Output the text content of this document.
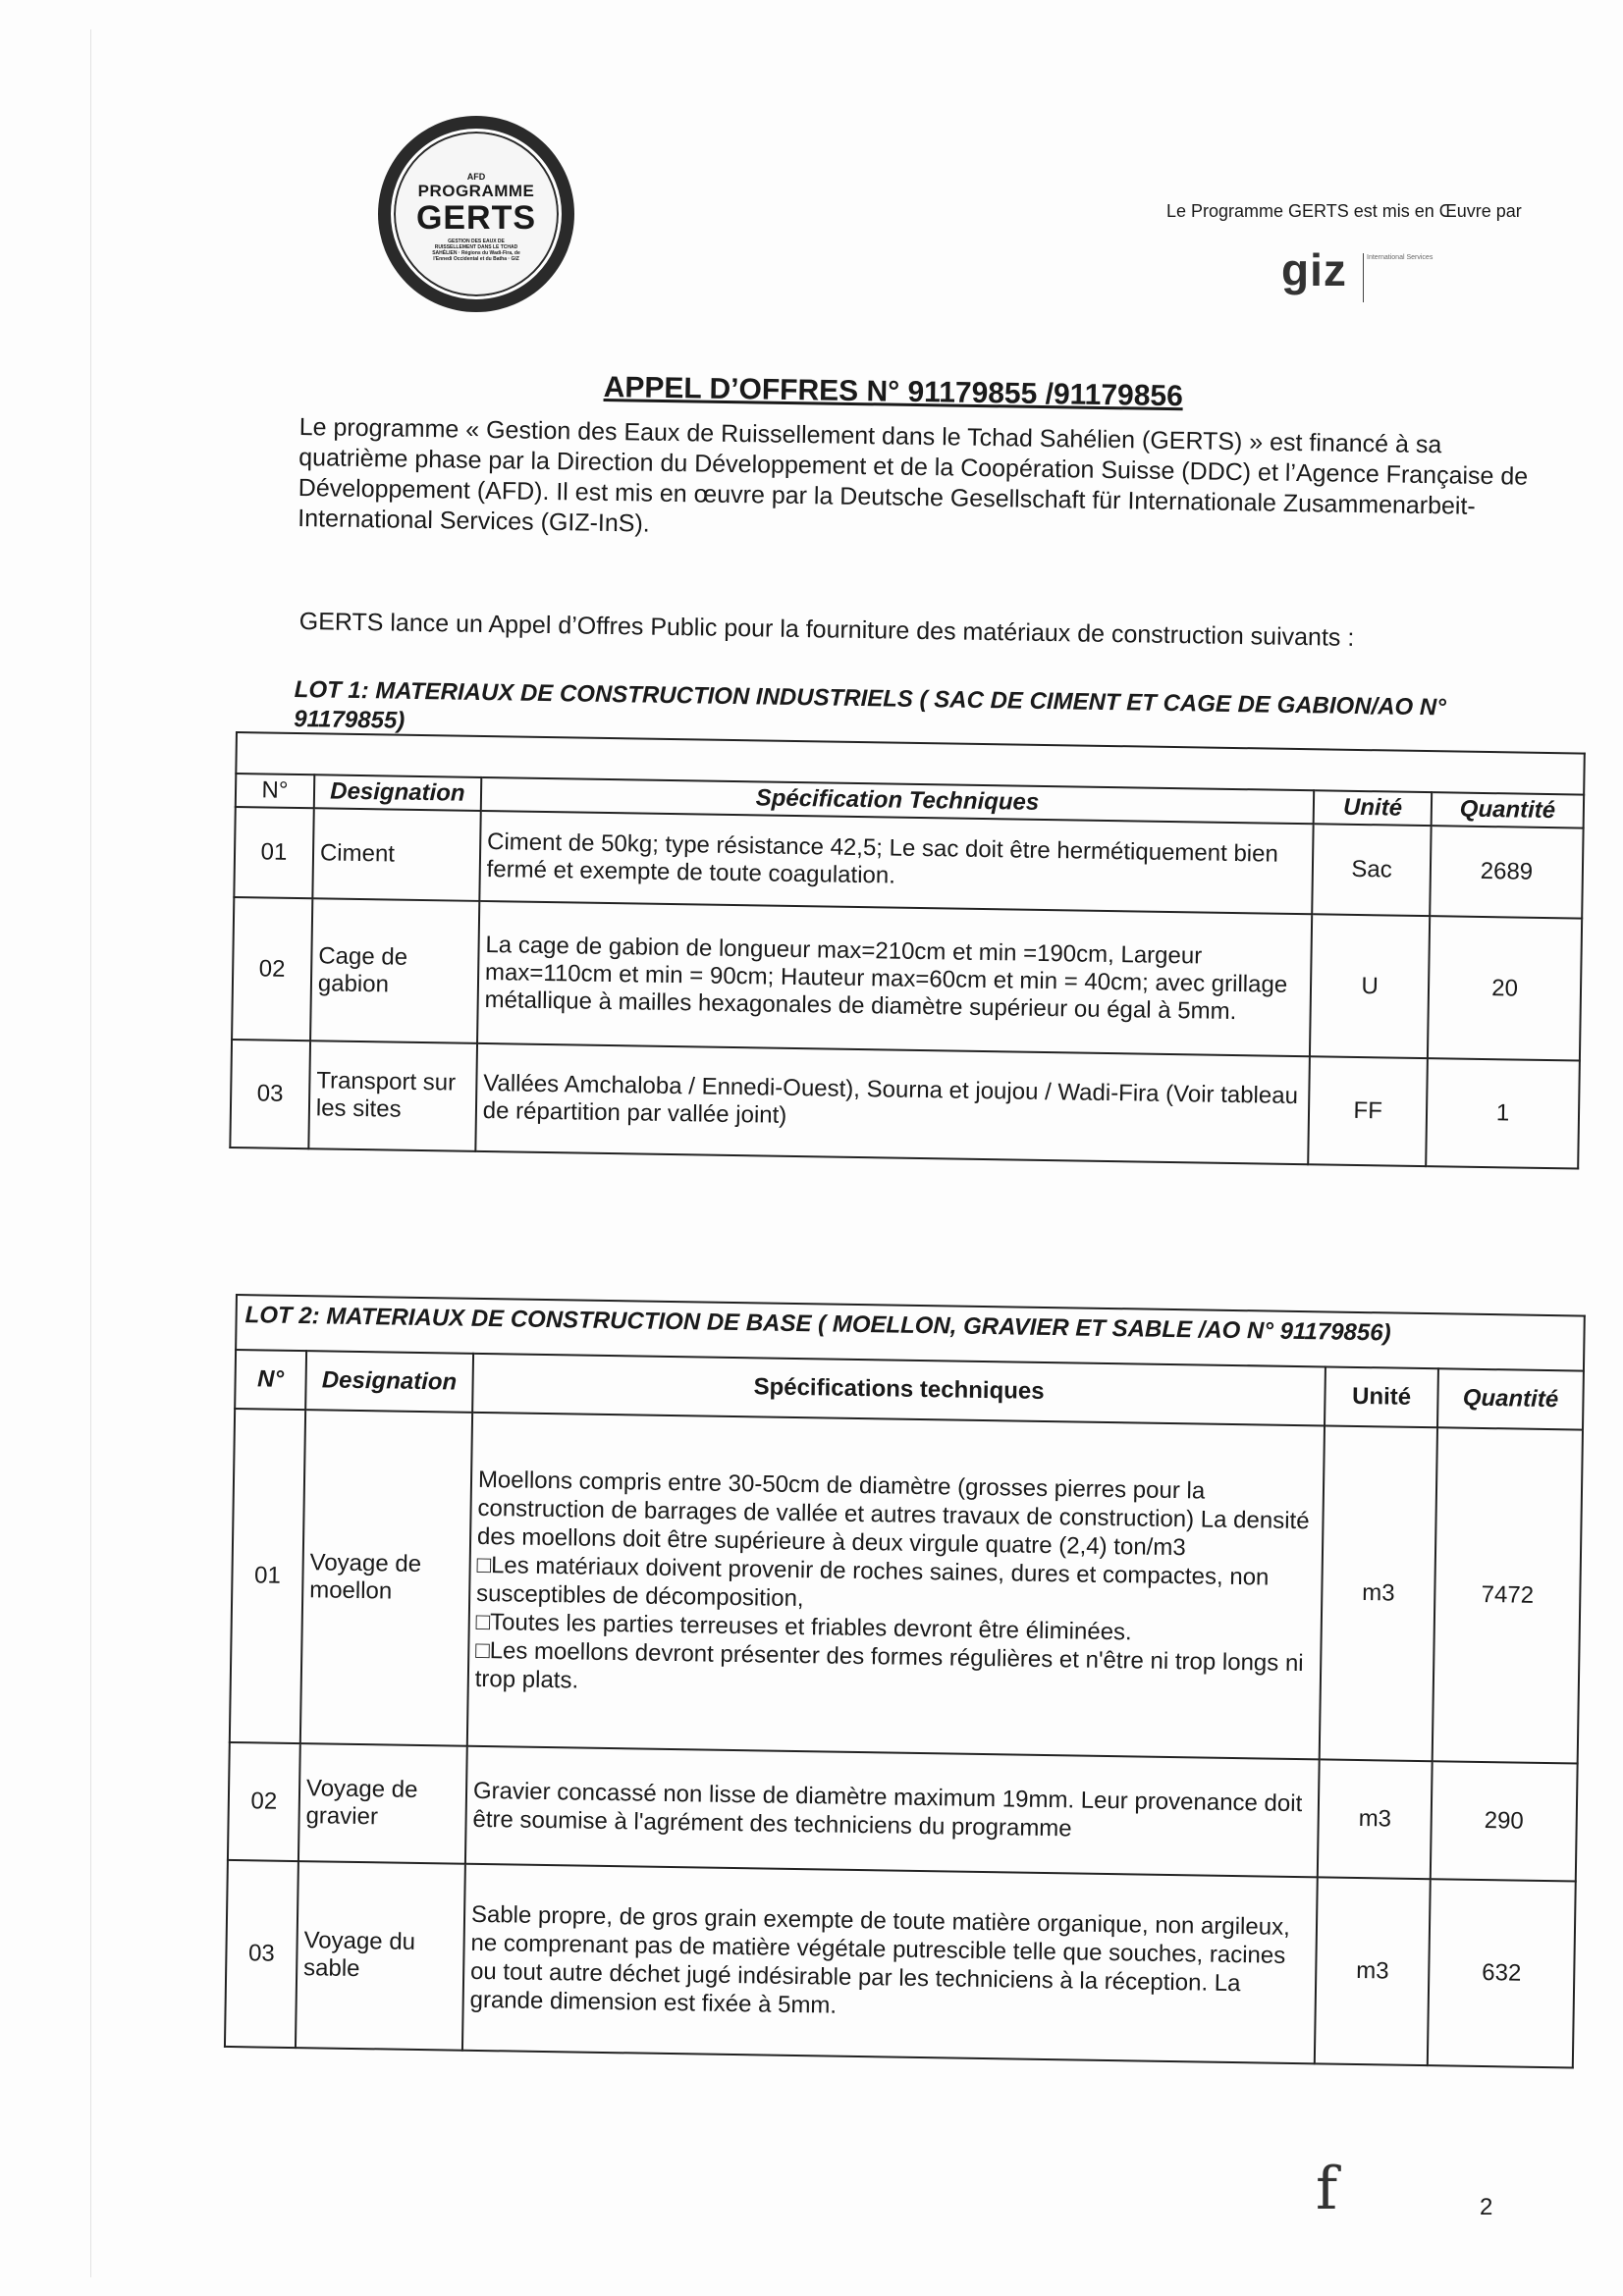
AFD
PROGRAMME
GERTS
GESTION DES EAUX DE RUISSELLEMENT DANS LE TCHAD SAHÉLIEN · Régions du Wadi-Fira, de l'Ennedi Occidental et du Batha · GIZ
Le Programme GERTS est mis en Œuvre par
giz	International Services
APPEL D’OFFRES N° 91179855 /91179856
Le programme « Gestion des Eaux de Ruissellement dans le Tchad Sahélien (GERTS) » est financé à sa quatrième phase par la Direction du Développement et de la Coopération Suisse (DDC) et l’Agence Française de Développement (AFD). Il est mis en œuvre par la Deutsche Gesellschaft für Internationale Zusammenarbeit-International Services (GIZ-InS).
GERTS lance un Appel d’Offres Public pour la fourniture des matériaux de construction suivants :
LOT 1: MATERIAUX DE CONSTRUCTION INDUSTRIELS ( SAC DE CIMENT ET CAGE DE GABION/AO N° 91179855)
N°	Designation	Spécification Techniques	Unité	Quantité
01	Ciment	Ciment de 50kg; type résistance 42,5; Le sac doit être hermétiquement bien fermé et exempte de toute coagulation.	Sac	2689
02	Cage de gabion	La cage de gabion de longueur max=210cm et min =190cm, Largeur max=110cm et min = 90cm; Hauteur max=60cm et min = 40cm; avec grillage métallique à mailles hexagonales de diamètre supérieur ou égal à 5mm.	U	20
03	Transport sur les sites	Vallées Amchaloba / Ennedi-Ouest), Sourna et joujou / Wadi-Fira (Voir tableau de répartition par vallée joint)	FF	1
LOT 2: MATERIAUX DE CONSTRUCTION DE BASE ( MOELLON, GRAVIER ET SABLE /AO N° 91179856)
N°	Designation	Spécifications techniques	Unité	Quantité
01	Voyage de moellon	Moellons compris entre 30-50cm de diamètre (grosses pierres pour la construction de barrages de vallée et autres travaux de construction) La densité des moellons doit être supérieure à deux virgule quatre (2,4) ton/m3
□Les matériaux doivent provenir de roches saines, dures et compactes, non susceptibles de décomposition,
□Toutes les parties terreuses et friables devront être éliminées.
□Les moellons devront présenter des formes régulières et n'être ni trop longs ni trop plats.	m3	7472
02	Voyage de gravier	Gravier concassé non lisse de diamètre maximum 19mm. Leur provenance doit être soumise à l'agrément des techniciens du programme	m3	290
03	Voyage du sable	Sable propre, de gros grain exempte de toute matière organique, non argileux, ne comprenant pas de matière végétale putrescible telle que souches, racines ou tout autre déchet jugé indésirable par les techniciens à la réception. La grande dimension est fixée à 5mm.	m3	632
f	2
